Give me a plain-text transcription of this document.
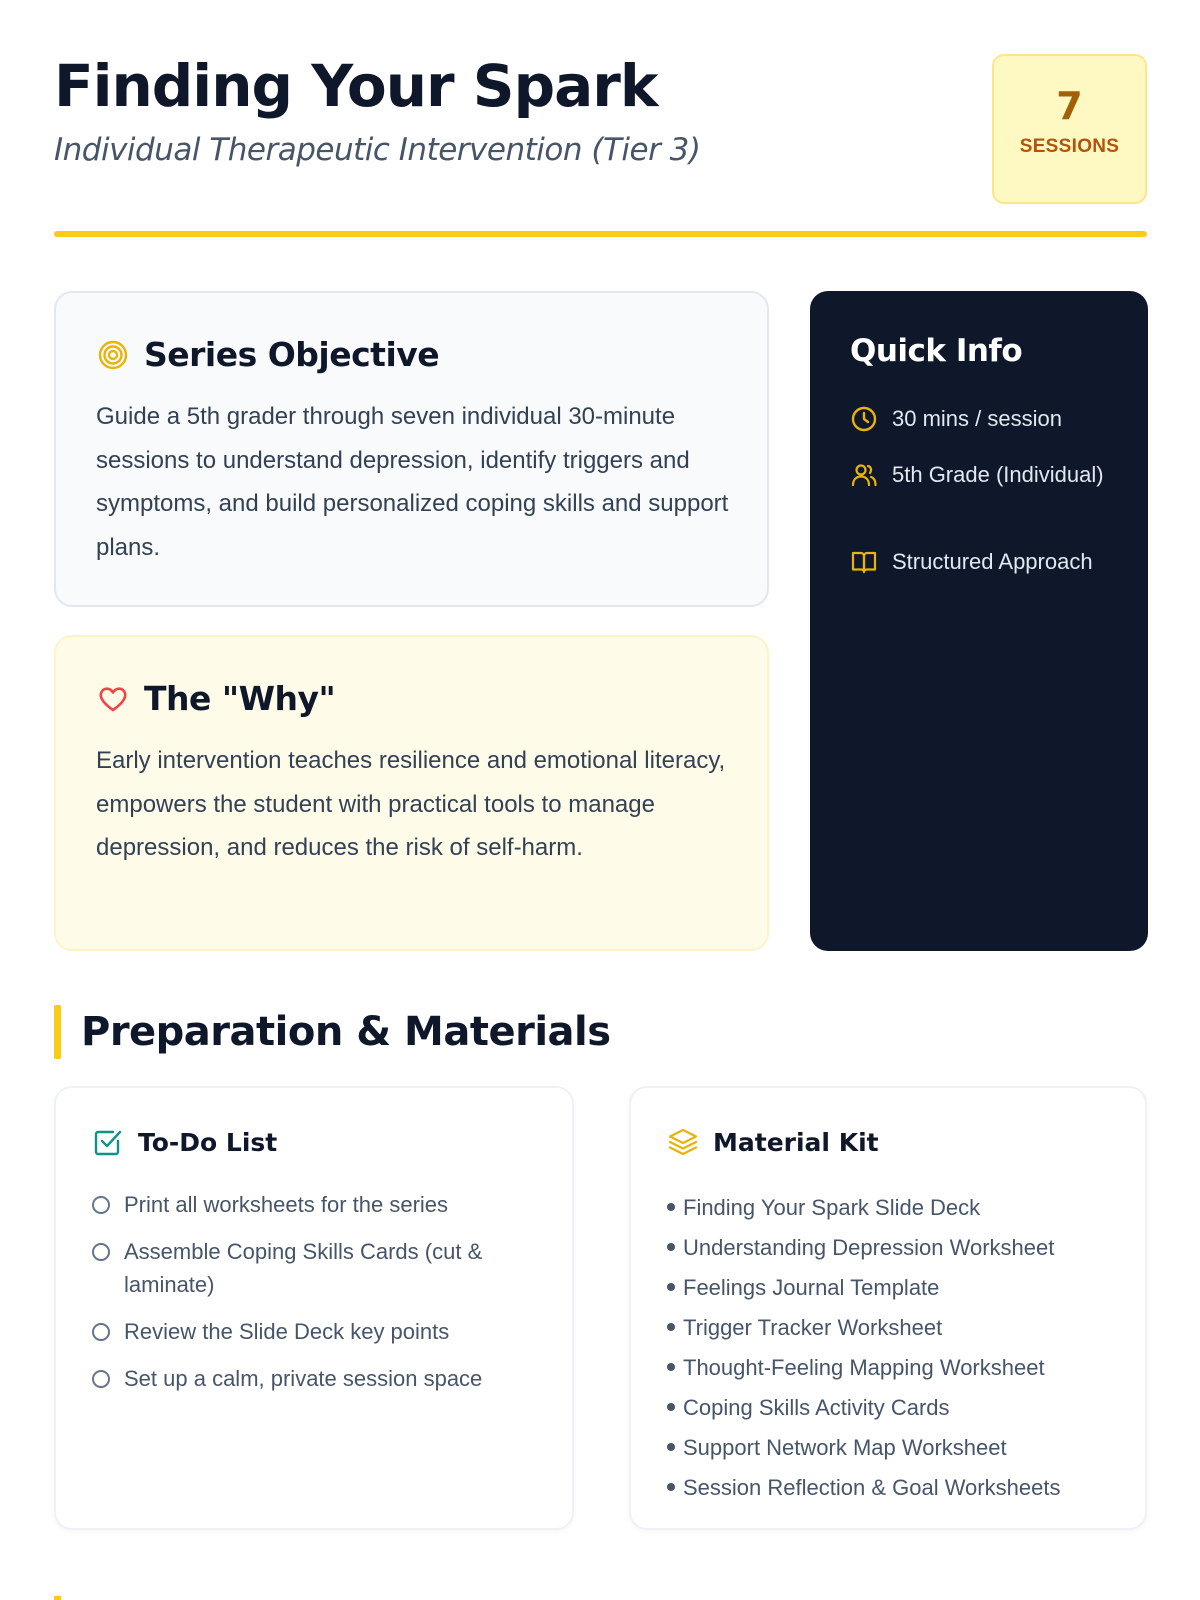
Finding Your Spark
Individual Therapeutic Intervention (Tier 3)
7
SESSIONS
Series Objective

Guide a 5th grader through seven individual 30-minute sessions to understand depression, identify triggers and symptoms, and build personalized coping skills and support plans.

The "Why"

Early intervention teaches resilience and emotional literacy, empowers the student with practical tools to manage depression, and reduces the risk of self-harm.

Quick Info
30 mins / session
5th Grade (Individual)
Structured Approach
Preparation & Materials
To-Do List
Print all worksheets for the series
Assemble Coping Skills Cards (cut & laminate)
Review the Slide Deck key points
Set up a calm, private session space
Material Kit
Finding Your Spark Slide Deck
Understanding Depression Worksheet
Feelings Journal Template
Trigger Tracker Worksheet
Thought-Feeling Mapping Worksheet
Coping Skills Activity Cards
Support Network Map Worksheet
Session Reflection & Goal Worksheets
